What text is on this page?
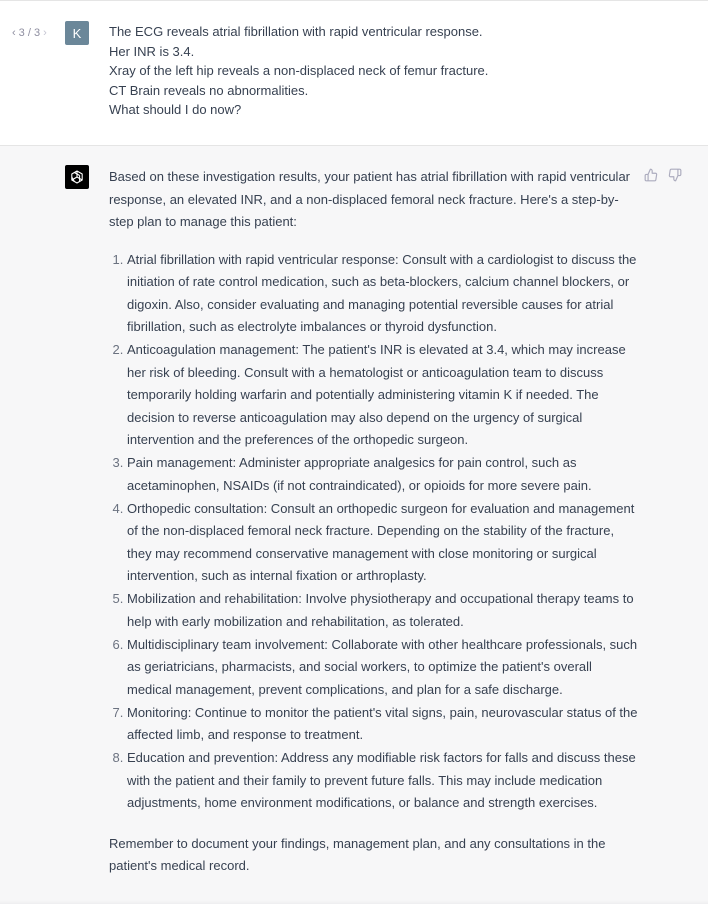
‹ 3 / 3 ›	K	The ECG reveals atrial fibrillation with rapid ventricular response.
Her INR is 3.4.
Xray of the left hip reveals a non-displaced neck of femur fracture.
CT Brain reveals no abnormalities.
What should I do now?

Based on these investigation results, your patient has atrial fibrillation with rapid ventricular response, an elevated INR, and a non-displaced femoral neck fracture. Here's a step-by-step plan to manage this patient:

1. Atrial fibrillation with rapid ventricular response: Consult with a cardiologist to discuss the initiation of rate control medication, such as beta-blockers, calcium channel blockers, or digoxin. Also, consider evaluating and managing potential reversible causes for atrial fibrillation, such as electrolyte imbalances or thyroid dysfunction.
2. Anticoagulation management: The patient's INR is elevated at 3.4, which may increase her risk of bleeding. Consult with a hematologist or anticoagulation team to discuss temporarily holding warfarin and potentially administering vitamin K if needed. The decision to reverse anticoagulation may also depend on the urgency of surgical intervention and the preferences of the orthopedic surgeon.
3. Pain management: Administer appropriate analgesics for pain control, such as acetaminophen, NSAIDs (if not contraindicated), or opioids for more severe pain.
4. Orthopedic consultation: Consult an orthopedic surgeon for evaluation and management of the non-displaced femoral neck fracture. Depending on the stability of the fracture, they may recommend conservative management with close monitoring or surgical intervention, such as internal fixation or arthroplasty.
5. Mobilization and rehabilitation: Involve physiotherapy and occupational therapy teams to help with early mobilization and rehabilitation, as tolerated.
6. Multidisciplinary team involvement: Collaborate with other healthcare professionals, such as geriatricians, pharmacists, and social workers, to optimize the patient's overall medical management, prevent complications, and plan for a safe discharge.
7. Monitoring: Continue to monitor the patient's vital signs, pain, neurovascular status of the affected limb, and response to treatment.
8. Education and prevention: Address any modifiable risk factors for falls and discuss these with the patient and their family to prevent future falls. This may include medication adjustments, home environment modifications, or balance and strength exercises.

Remember to document your findings, management plan, and any consultations in the patient's medical record.
